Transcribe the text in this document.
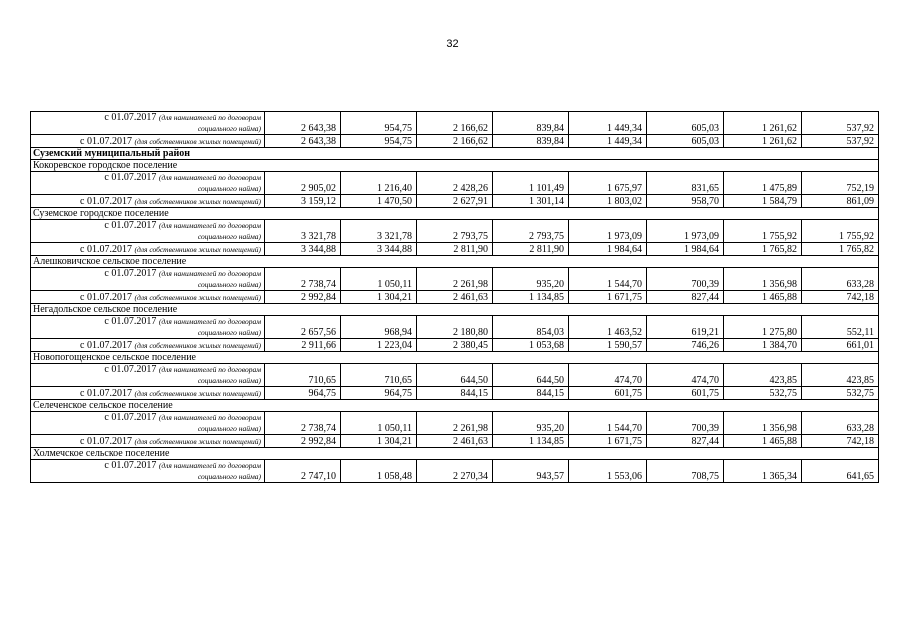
32
с 01.07.2017 (для нанимателей по договорам
социального найма)	2 643,38	954,75	2 166,62	839,84	1 449,34	605,03	1 261,62	537,92
с 01.07.2017 (для собственников жилых помещений)	2 643,38	954,75	2 166,62	839,84	1 449,34	605,03	1 261,62	537,92
Суземский муниципальный район								
Кокоревское городское поселение								
с 01.07.2017 (для нанимателей по договорам
социального найма)	2 905,02	1 216,40	2 428,26	1 101,49	1 675,97	831,65	1 475,89	752,19
с 01.07.2017 (для собственников жилых помещений)	3 159,12	1 470,50	2 627,91	1 301,14	1 803,02	958,70	1 584,79	861,09
Суземское городское поселение								
с 01.07.2017 (для нанимателей по договорам
социального найма)	3 321,78	3 321,78	2 793,75	2 793,75	1 973,09	1 973,09	1 755,92	1 755,92
с 01.07.2017 (для собственников жилых помещений)	3 344,88	3 344,88	2 811,90	2 811,90	1 984,64	1 984,64	1 765,82	1 765,82
Алешковичское сельское поселение								
с 01.07.2017 (для нанимателей по договорам
социального найма)	2 738,74	1 050,11	2 261,98	935,20	1 544,70	700,39	1 356,98	633,28
с 01.07.2017 (для собственников жилых помещений)	2 992,84	1 304,21	2 461,63	1 134,85	1 671,75	827,44	1 465,88	742,18
Негадольское сельское поселение								
с 01.07.2017 (для нанимателей по договорам
социального найма)	2 657,56	968,94	2 180,80	854,03	1 463,52	619,21	1 275,80	552,11
с 01.07.2017 (для собственников жилых помещений)	2 911,66	1 223,04	2 380,45	1 053,68	1 590,57	746,26	1 384,70	661,01
Новопогощенское сельское поселение								
с 01.07.2017 (для нанимателей по договорам
социального найма)	710,65	710,65	644,50	644,50	474,70	474,70	423,85	423,85
с 01.07.2017 (для собственников жилых помещений)	964,75	964,75	844,15	844,15	601,75	601,75	532,75	532,75
Селеченское сельское поселение								
с 01.07.2017 (для нанимателей по договорам
социального найма)	2 738,74	1 050,11	2 261,98	935,20	1 544,70	700,39	1 356,98	633,28
с 01.07.2017 (для собственников жилых помещений)	2 992,84	1 304,21	2 461,63	1 134,85	1 671,75	827,44	1 465,88	742,18
Холмечское сельское поселение								
с 01.07.2017 (для нанимателей по договорам
социального найма)	2 747,10	1 058,48	2 270,34	943,57	1 553,06	708,75	1 365,34	641,65
